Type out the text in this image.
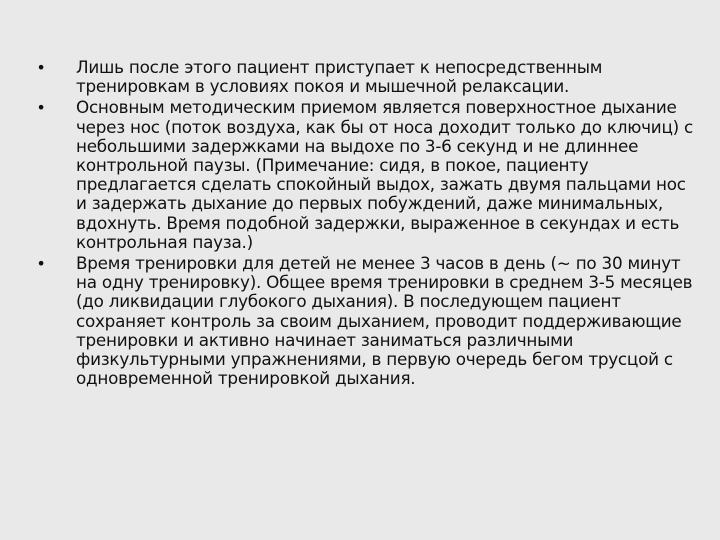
•	Лишь после этого пациент приступает к непосредственным тренировкам в условиях покоя и мышечной релаксации.
•	Основным методическим приемом является поверхностное дыхание через нос (поток воздуха, как бы от носа доходит только до ключиц) с небольшими задержками на выдохе по 3-6 секунд и не длиннее контрольной паузы. (Примечание: сидя, в покое, пациенту предлагается сделать спокойный выдох, зажать двумя пальцами нос и задержать дыхание до первых побуждений, даже минимальных, вдохнуть. Время подобной задержки, выраженное в секундах и есть контрольная пауза.)
•	Время тренировки для детей не менее 3 часов в день (~ по 30 минут на одну тренировку). Общее время тренировки в среднем 3-5 месяцев (до ликвидации глубокого дыхания). В последующем пациент сохраняет контроль за своим дыханием, проводит поддерживающие тренировки и активно начинает заниматься различными физкультурными упражнениями, в первую очередь бегом трусцой с одновременной тренировкой дыхания.
